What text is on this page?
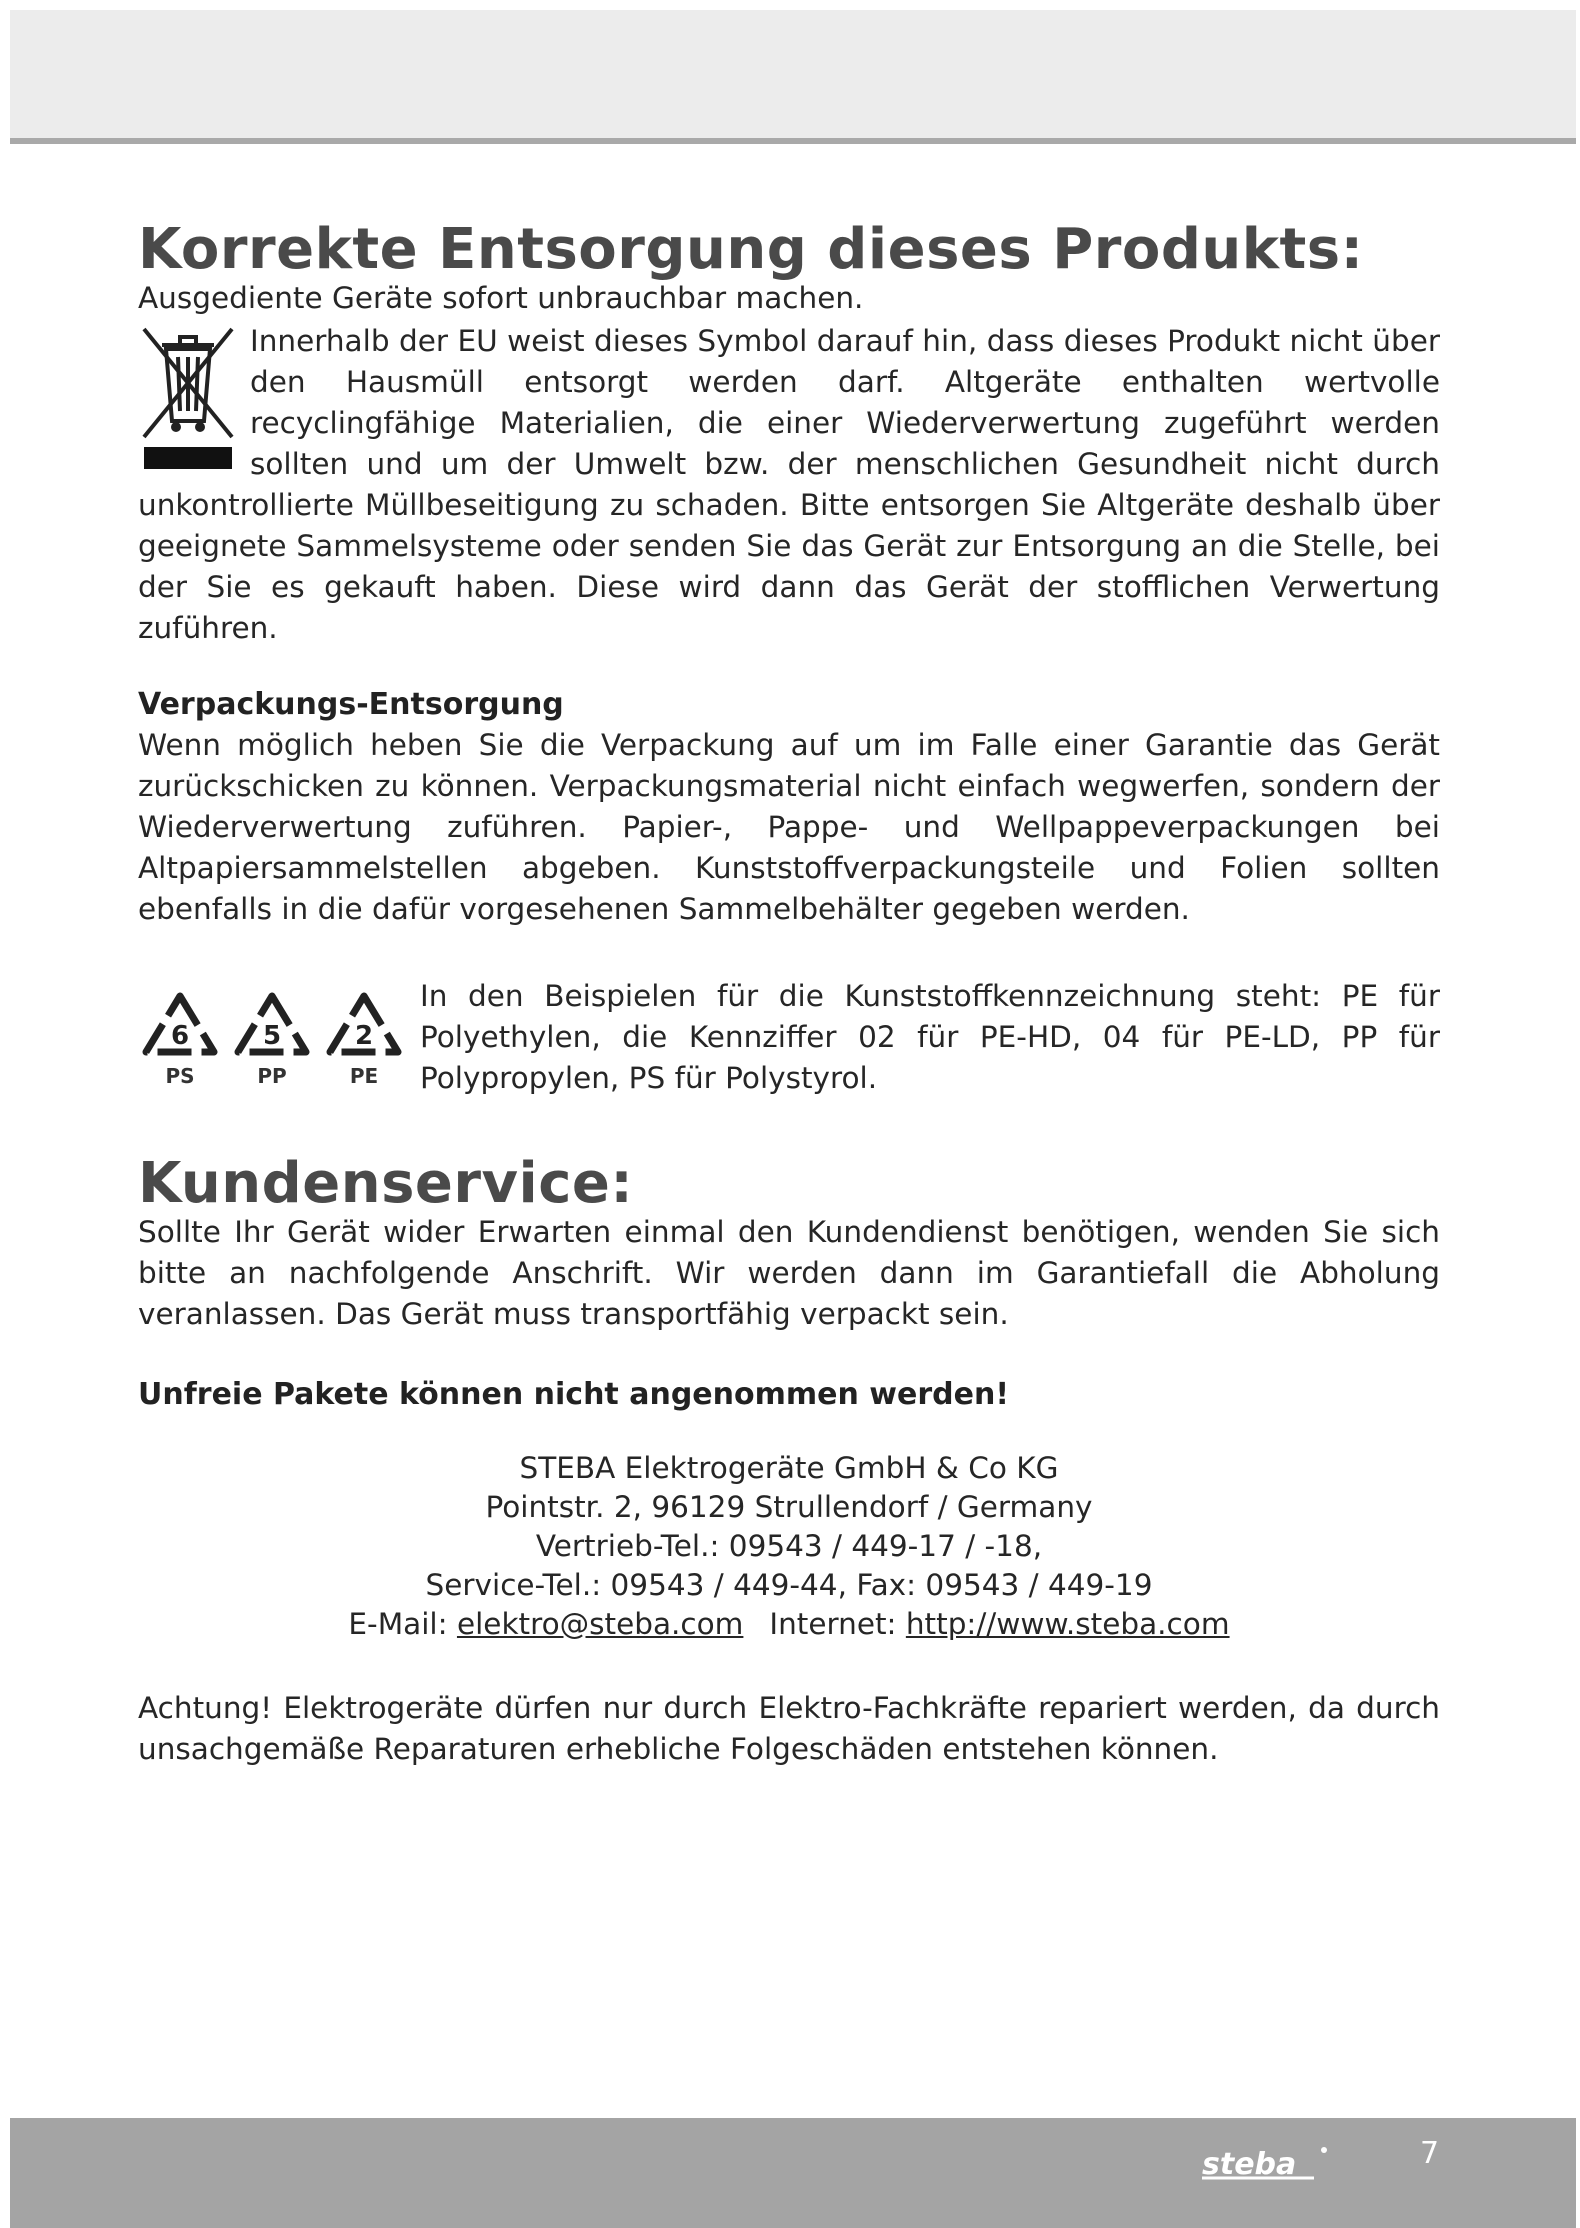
Korrekte Entsorgung dieses Produkts:

Ausgediente Geräte sofort unbrauchbar machen.

Innerhalb der EU weist dieses Symbol darauf hin, dass dieses Produkt nicht über den Hausmüll entsorgt werden darf. Altgeräte enthalten wertvolle recyclingfähige Materialien, die einer Wiederverwertung zugeführt werden sollten und um der Umwelt bzw. der menschlichen Gesundheit nicht durch unkontrollierte Müllbeseitigung zu schaden. Bitte entsorgen Sie Altgeräte deshalb über geeignete Sammelsysteme oder senden Sie das Gerät zur Entsorgung an die Stelle, bei der Sie es gekauft haben. Diese wird dann das Gerät der stofflichen Verwertung zuführen.

Verpackungs-Entsorgung

Wenn möglich heben Sie die Verpackung auf um im Falle einer Garantie das Gerät zurückschicken zu können. Verpackungsmaterial nicht einfach wegwerfen, sondern der Wiederverwertung zuführen. Papier-, Pappe- und Wellpappeverpackungen bei Altpapiersammelstellen abgeben. Kunststoffverpackungsteile und Folien sollten ebenfalls in die dafür vorgesehenen Sammelbehälter gegeben werden.

6
PS
5
PP
2
PE

In den Beispielen für die Kunststoffkennzeichnung steht: PE für Polyethylen, die Kennziffer 02 für PE-HD, 04 für PE-LD, PP für Polypropylen, PS für Polystyrol.

Kundenservice:

Sollte Ihr Gerät wider Erwarten einmal den Kundendienst benötigen, wenden Sie sich bitte an nachfolgende Anschrift. Wir werden dann im Garantiefall die Abholung veranlassen. Das Gerät muss transportfähig verpackt sein.

Unfreie Pakete können nicht angenommen werden!
STEBA Elektrogeräte GmbH & Co KG
Pointstr. 2, 96129 Strullendorf / Germany
Vertrieb-Tel.: 09543 / 449-17 / -18,
Service-Tel.: 09543 / 449-44, Fax: 09543 / 449-19
E-Mail: elektro@steba.com Internet: http://www.steba.com

Achtung! Elektrogeräte dürfen nur durch Elektro-Fachkräfte repariert werden, da durch unsachgemäße Reparaturen erhebliche Folgeschäden entstehen können.

steba	7
